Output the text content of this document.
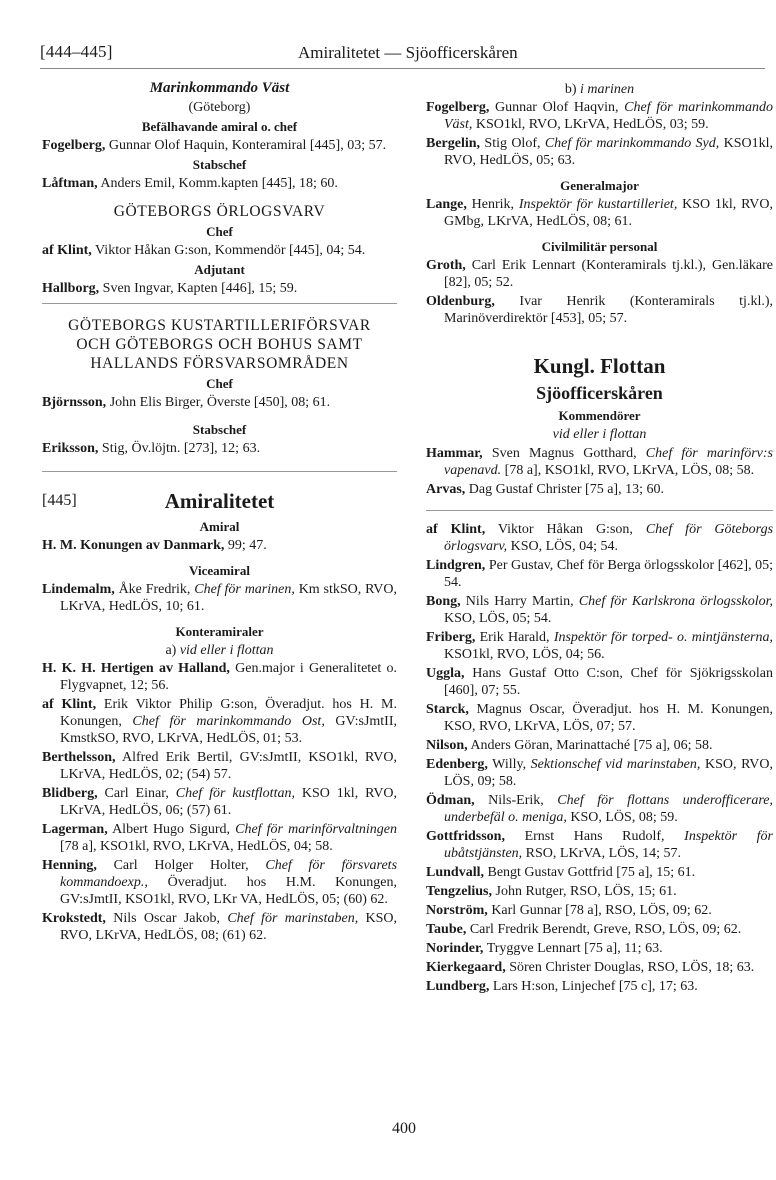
[444–445]	Amiralitetet — Sjöofficerskåren
Marinkommando Väst
(Göteborg)
Befälhavande amiral o. chef

Fogelberg, Gunnar Olof Haquin, Konteramiral [445], 03; 57.

Stabschef

Låftman, Anders Emil, Komm.kapten [445], 18; 60.

GÖTEBORGS ÖRLOGSVARV
Chef

af Klint, Viktor Håkan G:son, Kommendör [445], 04; 54.

Adjutant

Hallborg, Sven Ingvar, Kapten [446], 15; 59.

GÖTEBORGS KUSTARTILLERIFÖRSVAR
OCH GÖTEBORGS OCH BOHUS SAMT
HALLANDS FÖRSVARSOMRÅDEN
Chef

Björnsson, John Elis Birger, Överste [450], 08; 61.

Stabschef

Eriksson, Stig, Öv.löjtn. [273], 12; 63.

[445]	Amiralitetet
Amiral

H. M. Konungen av Danmark, 99; 47.

Viceamiral

Lindemalm, Åke Fredrik, Chef för marinen, Km stkSO, RVO, LKrVA, HedLÖS, 10; 61.

Konteramiraler
a) vid eller i flottan

H. K. H. Hertigen av Halland, Gen.major i Generalitetet o. Flygvapnet, 12; 56.

af Klint, Erik Viktor Philip G:son, Överadjut. hos H. M. Konungen, Chef för marinkommando Ost, GV:sJmtII, KmstkSO, RVO, LKrVA, HedLÖS, 01; 53.

Berthelsson, Alfred Erik Bertil, GV:sJmtII, KSO1kl, RVO, LKrVA, HedLÖS, 02; (54) 57.

Blidberg, Carl Einar, Chef för kustflottan, KSO 1kl, RVO, LKrVA, HedLÖS, 06; (57) 61.

Lagerman, Albert Hugo Sigurd, Chef för marinförvaltningen [78 a], KSO1kl, RVO, LKrVA, HedLÖS, 04; 58.

Henning, Carl Holger Holter, Chef för försvarets kommandoexp., Överadjut. hos H.M. Konungen, GV:sJmtII, KSO1kl, RVO, LKr VA, HedLÖS, 05; (60) 62.

Krokstedt, Nils Oscar Jakob, Chef för marinstaben, KSO, RVO, LKrVA, HedLÖS, 08; (61) 62.

b) i marinen

Fogelberg, Gunnar Olof Haqvin, Chef för marinkommando Väst, KSO1kl, RVO, LKrVA, HedLÖS, 03; 59.

Bergelin, Stig Olof, Chef för marinkommando Syd, KSO1kl, RVO, HedLÖS, 05; 63.

Generalmajor

Lange, Henrik, Inspektör för kustartilleriet, KSO 1kl, RVO, GMbg, LKrVA, HedLÖS, 08; 61.

Civilmilitär personal

Groth, Carl Erik Lennart (Konteramirals tj.kl.), Gen.läkare [82], 05; 52.

Oldenburg, Ivar Henrik (Konteramirals tj.kl.), Marinöverdirektör [453], 05; 57.

Kungl. Flottan
Sjöofficerskåren
Kommendörer
vid eller i flottan

Hammar, Sven Magnus Gotthard, Chef för marinförv:s vapenavd. [78 a], KSO1kl, RVO, LKrVA, LÖS, 08; 58.

Arvas, Dag Gustaf Christer [75 a], 13; 60.

af Klint, Viktor Håkan G:son, Chef för Göteborgs örlogsvarv, KSO, LÖS, 04; 54.

Lindgren, Per Gustav, Chef för Berga örlogsskolor [462], 05; 54.

Bong, Nils Harry Martin, Chef för Karlskrona örlogsskolor, KSO, LÖS, 05; 54.

Friberg, Erik Harald, Inspektör för torped- o. mintjänsterna, KSO1kl, RVO, LÖS, 04; 56.

Uggla, Hans Gustaf Otto C:son, Chef för Sjökrigsskolan [460], 07; 55.

Starck, Magnus Oscar, Överadjut. hos H. M. Konungen, KSO, RVO, LKrVA, LÖS, 07; 57.

Nilson, Anders Göran, Marinattaché [75 a], 06; 58.

Edenberg, Willy, Sektionschef vid marinstaben, KSO, RVO, LÖS, 09; 58.

Ödman, Nils-Erik, Chef för flottans underofficerare, underbefäl o. meniga, KSO, LÖS, 08; 59.

Gottfridsson, Ernst Hans Rudolf, Inspektör för ubåtstjänsten, RSO, LKrVA, LÖS, 14; 57.

Lundvall, Bengt Gustav Gottfrid [75 a], 15; 61.

Tengzelius, John Rutger, RSO, LÖS, 15; 61.

Norström, Karl Gunnar [78 a], RSO, LÖS, 09; 62.

Taube, Carl Fredrik Berendt, Greve, RSO, LÖS, 09; 62.

Norinder, Tryggve Lennart [75 a], 11; 63.

Kierkegaard, Sören Christer Douglas, RSO, LÖS, 18; 63.

Lundberg, Lars H:son, Linjechef [75 c], 17; 63.

400
